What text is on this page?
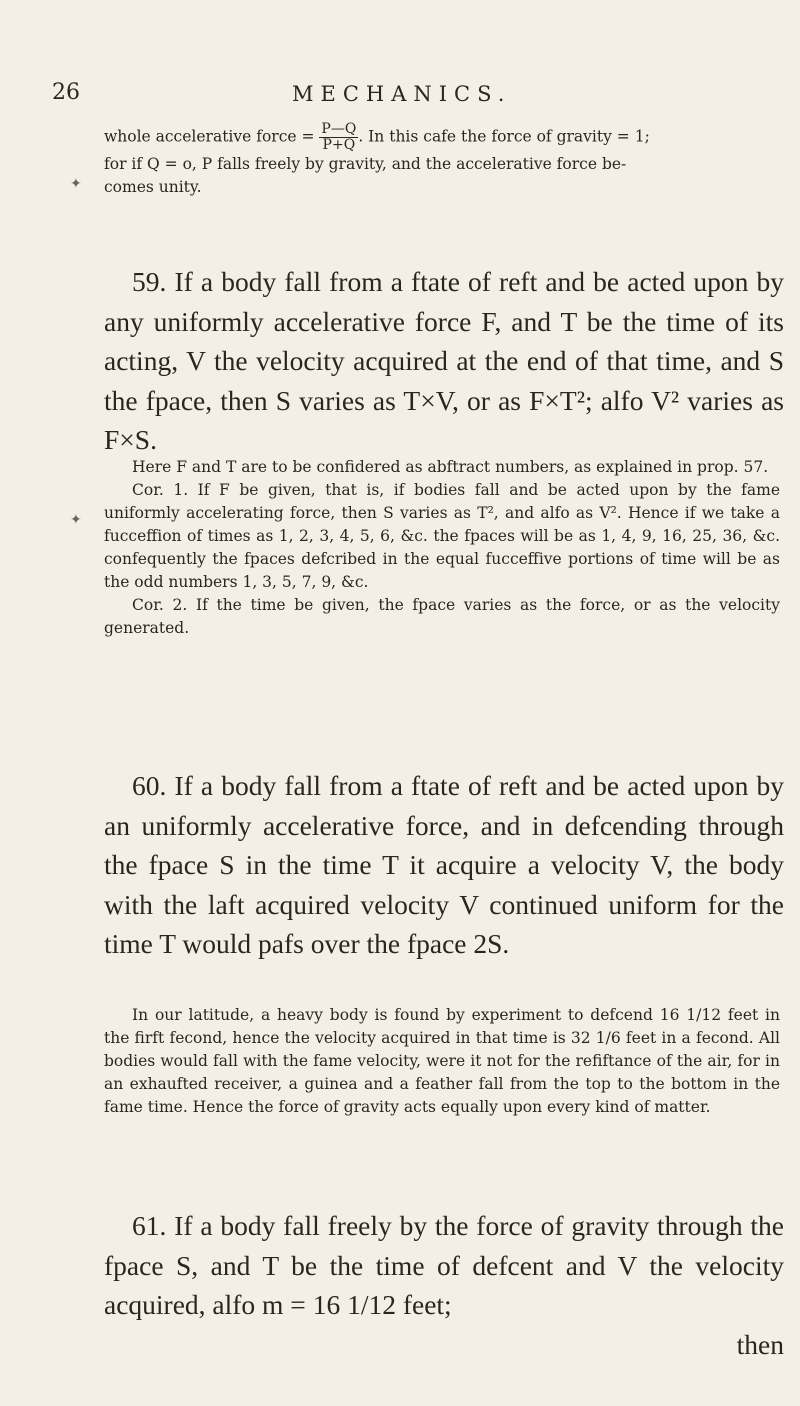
26	MECHANICS.

whole accelerative force = $\frac{P—Q}{P+Q}$ . In this cafe the force of gravity = 1;

for if Q = o, P falls freely by gravity, and the accelerative force be-

comes unity.

✦

59. If a body fall from a ftate of reft and be acted upon by any uniformly accelerative force F, and T be the time of its acting, V the velocity acquired at the end of that time, and S the fpace, then S varies as T×V, or as F×T²; alfo V² varies as F×S.

Here F and T are to be confidered as abftract numbers, as explained in prop. 57.

Cor. 1. If F be given, that is, if bodies fall and be acted upon by the fame uniformly accelerating force, then S varies as T², and alfo as V². Hence if we take a fucceffion of times as 1, 2, 3, 4, 5, 6, &c. the fpaces will be as 1, 4, 9, 16, 25, 36, &c. confequently the fpaces defcribed in the equal fucceffive portions of time will be as the odd numbers 1, 3, 5, 7, 9, &c.

Cor. 2. If the time be given, the fpace varies as the force, or as the velocity generated.

✦

60. If a body fall from a ftate of reft and be acted upon by an uniformly accelerative force, and in defcending through the fpace S in the time T it acquire a velocity V, the body with the laft acquired velocity V continued uniform for the time T would pafs over the fpace 2S.

In our latitude, a heavy body is found by experiment to defcend 16 1/12 feet in the firft fecond, hence the velocity acquired in that time is 32 1/6 feet in a fecond. All bodies would fall with the fame velocity, were it not for the refiftance of the air, for in an exhaufted receiver, a guinea and a feather fall from the top to the bottom in the fame time. Hence the force of gravity acts equally upon every kind of matter.

61. If a body fall freely by the force of gravity through the fpace S, and T be the time of defcent and V the velocity acquired, alfo m = 16 1/12 feet;

then
